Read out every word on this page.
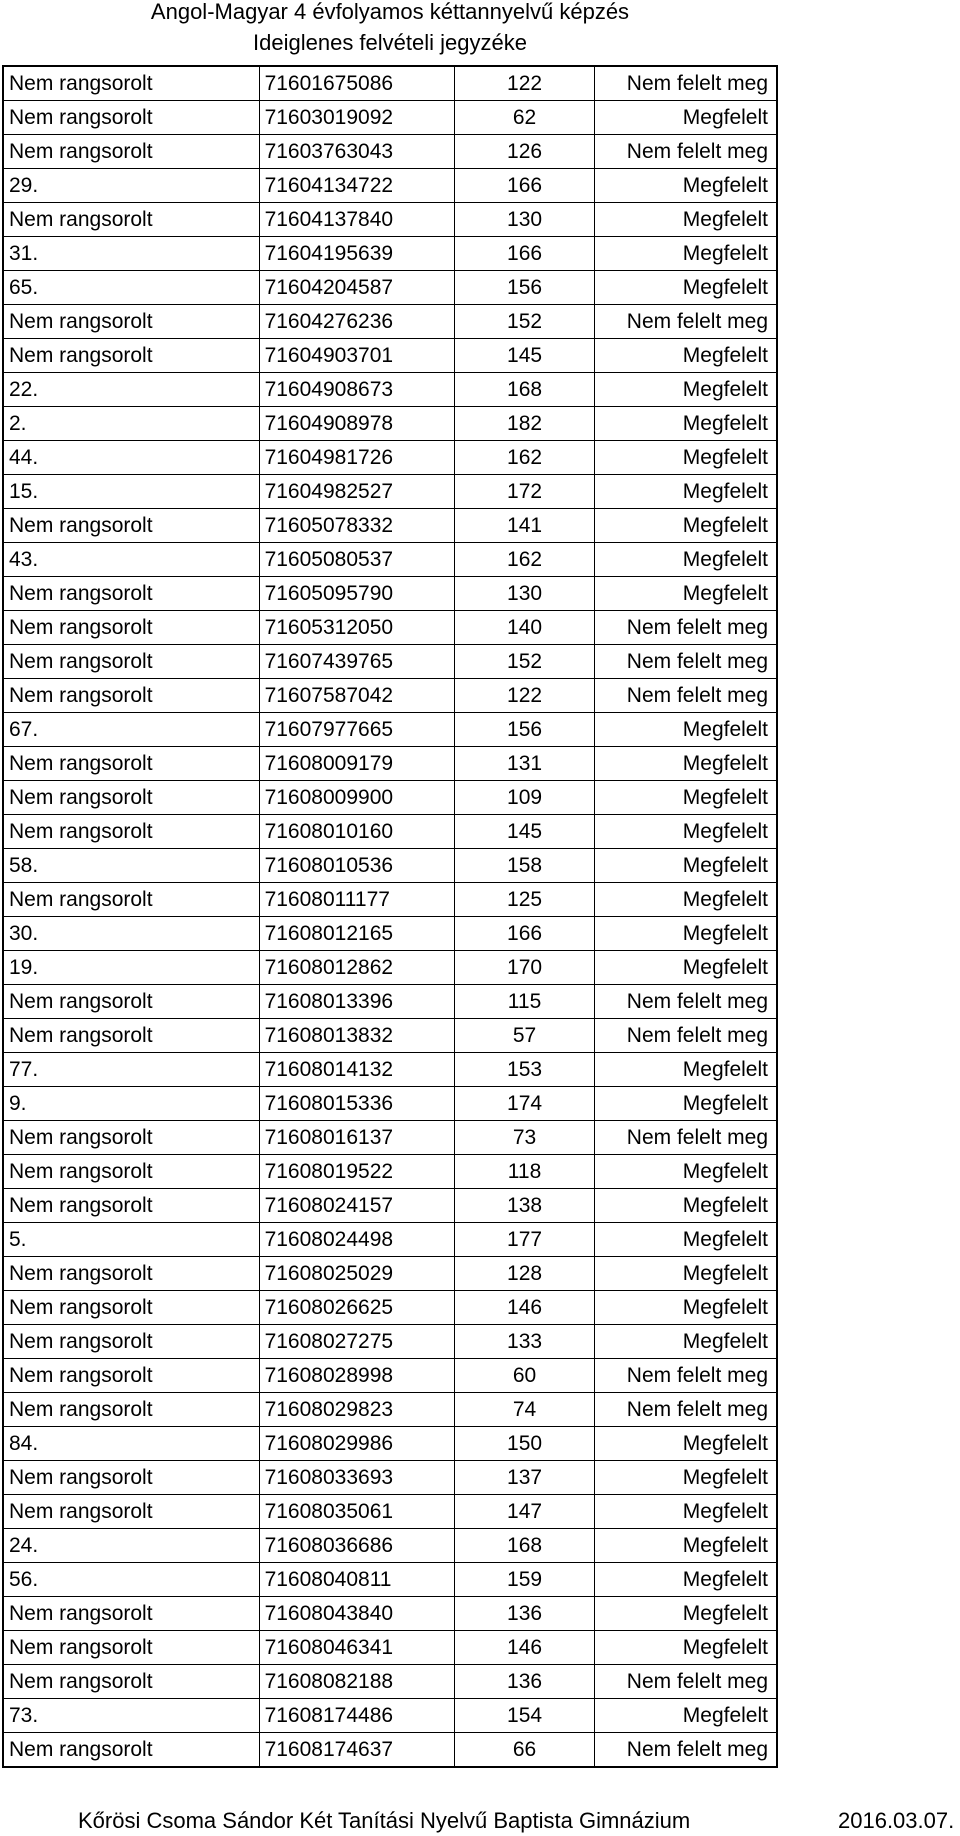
Angol-Magyar 4 évfolyamos kéttannyelvű képzés
Ideiglenes felvételi jegyzéke
Nem rangsorolt	71601675086	122	Nem felelt meg
Nem rangsorolt	71603019092	62	Megfelelt
Nem rangsorolt	71603763043	126	Nem felelt meg
29.	71604134722	166	Megfelelt
Nem rangsorolt	71604137840	130	Megfelelt
31.	71604195639	166	Megfelelt
65.	71604204587	156	Megfelelt
Nem rangsorolt	71604276236	152	Nem felelt meg
Nem rangsorolt	71604903701	145	Megfelelt
22.	71604908673	168	Megfelelt
2.	71604908978	182	Megfelelt
44.	71604981726	162	Megfelelt
15.	71604982527	172	Megfelelt
Nem rangsorolt	71605078332	141	Megfelelt
43.	71605080537	162	Megfelelt
Nem rangsorolt	71605095790	130	Megfelelt
Nem rangsorolt	71605312050	140	Nem felelt meg
Nem rangsorolt	71607439765	152	Nem felelt meg
Nem rangsorolt	71607587042	122	Nem felelt meg
67.	71607977665	156	Megfelelt
Nem rangsorolt	71608009179	131	Megfelelt
Nem rangsorolt	71608009900	109	Megfelelt
Nem rangsorolt	71608010160	145	Megfelelt
58.	71608010536	158	Megfelelt
Nem rangsorolt	71608011177	125	Megfelelt
30.	71608012165	166	Megfelelt
19.	71608012862	170	Megfelelt
Nem rangsorolt	71608013396	115	Nem felelt meg
Nem rangsorolt	71608013832	57	Nem felelt meg
77.	71608014132	153	Megfelelt
9.	71608015336	174	Megfelelt
Nem rangsorolt	71608016137	73	Nem felelt meg
Nem rangsorolt	71608019522	118	Megfelelt
Nem rangsorolt	71608024157	138	Megfelelt
5.	71608024498	177	Megfelelt
Nem rangsorolt	71608025029	128	Megfelelt
Nem rangsorolt	71608026625	146	Megfelelt
Nem rangsorolt	71608027275	133	Megfelelt
Nem rangsorolt	71608028998	60	Nem felelt meg
Nem rangsorolt	71608029823	74	Nem felelt meg
84.	71608029986	150	Megfelelt
Nem rangsorolt	71608033693	137	Megfelelt
Nem rangsorolt	71608035061	147	Megfelelt
24.	71608036686	168	Megfelelt
56.	71608040811	159	Megfelelt
Nem rangsorolt	71608043840	136	Megfelelt
Nem rangsorolt	71608046341	146	Megfelelt
Nem rangsorolt	71608082188	136	Nem felelt meg
73.	71608174486	154	Megfelelt
Nem rangsorolt	71608174637	66	Nem felelt meg
Kőrösi Csoma Sándor Két Tanítási Nyelvű Baptista Gimnázium	2016.03.07.
